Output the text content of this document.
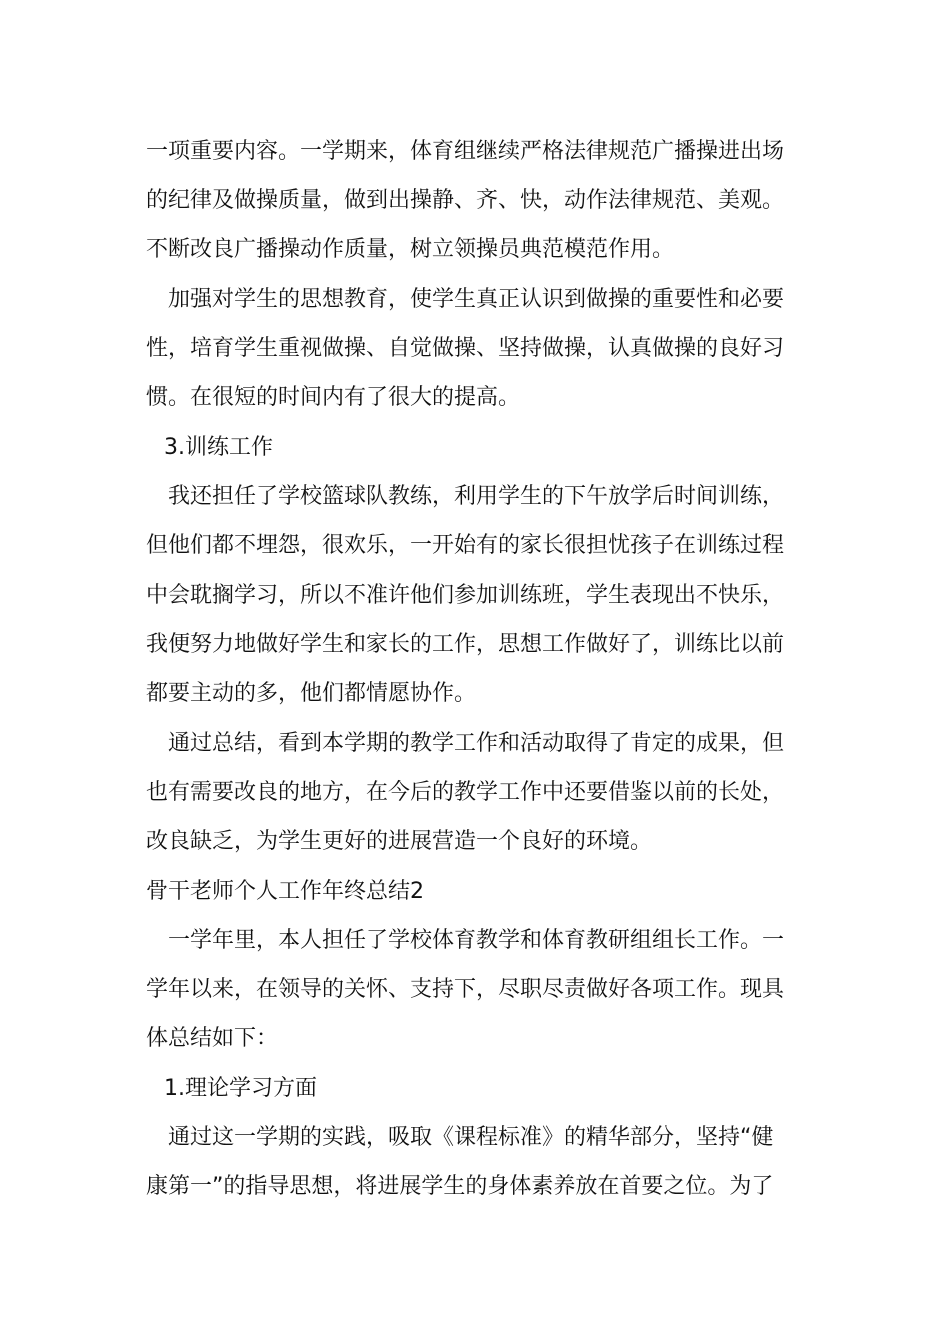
一项重要内容。一学期来，体育组继续严格法律规范广播操进出场
的纪律及做操质量，做到出操静、齐、快，动作法律规范、美观。
不断改良广播操动作质量，树立领操员典范模范作用。
加强对学生的思想教育，使学生真正认识到做操的重要性和必要
性，培育学生重视做操、自觉做操、坚持做操，认真做操的良好习
惯。在很短的时间内有了很大的提高。
3.训练工作
我还担任了学校篮球队教练，利用学生的下午放学后时间训练，
但他们都不埋怨，很欢乐，一开始有的家长很担忧孩子在训练过程
中会耽搁学习，所以不准许他们参加训练班，学生表现出不快乐，
我便努力地做好学生和家长的工作，思想工作做好了，训练比以前
都要主动的多，他们都情愿协作。
通过总结，看到本学期的教学工作和活动取得了肯定的成果，但
也有需要改良的地方，在今后的教学工作中还要借鉴以前的长处，
改良缺乏，为学生更好的进展营造一个良好的环境。
骨干老师个人工作年终总结2
一学年里，本人担任了学校体育教学和体育教研组组长工作。一
学年以来，在领导的关怀、支持下，尽职尽责做好各项工作。现具
体总结如下：
1.理论学习方面
通过这一学期的实践，吸取《课程标准》的精华部分，坚持“健
康第一”的指导思想，将进展学生的身体素养放在首要之位。为了
